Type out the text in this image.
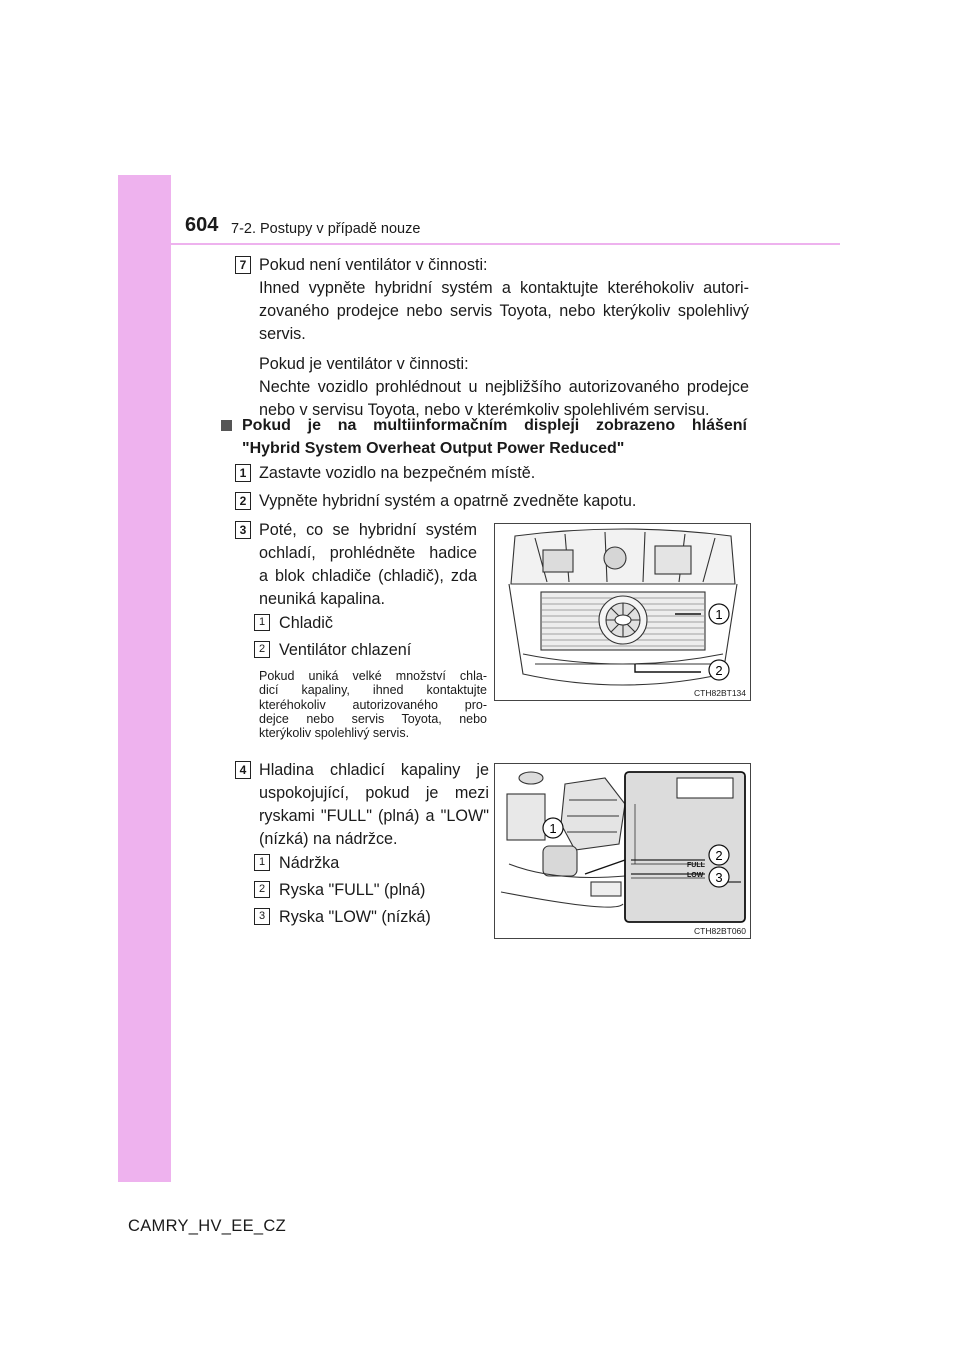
604 7-2. Postupy v případě nouze
7 Pokud není ventilátor v činnosti:
Ihned vypněte hybridní systém a kontaktujte kteréhokoliv autori-
zovaného prodejce nebo servis Toyota, nebo kterýkoliv spolehlivý
servis.
Pokud je ventilátor v činnosti:
Nechte vozidlo prohlédnout u nejbližšího autorizovaného prodejce
nebo v servisu Toyota, nebo v kterémkoliv spolehlivém servisu.
Pokud je na multiinformačním displeji zobrazeno hlášení
"Hybrid System Overheat Output Power Reduced"
1 Zastavte vozidlo na bezpečném místě.
2 Vypněte hybridní systém a opatrně zvedněte kapotu.
3 Poté, co se hybridní systém
ochladí, prohlédněte hadice
a blok chladiče (chladič), zda
neuniká kapalina.
1 Chladič
2 Ventilátor chlazení
Pokud uniká velké množství chla-
dicí kapaliny, ihned kontaktujte
kteréhokoliv autorizovaného pro-
dejce nebo servis Toyota, nebo
kterýkoliv spolehlivý servis.
1
2
CTH82BT134
4 Hladina chladicí kapaliny je
uspokojující, pokud je mezi
ryskami "FULL" (plná) a "LOW"
(nízká) na nádržce.
1 Nádržka
2 Ryska "FULL" (plná)
3 Ryska "LOW" (nízká)
FULL
LOW
1
2
3
CTH82BT060
CAMRY_HV_EE_CZ
